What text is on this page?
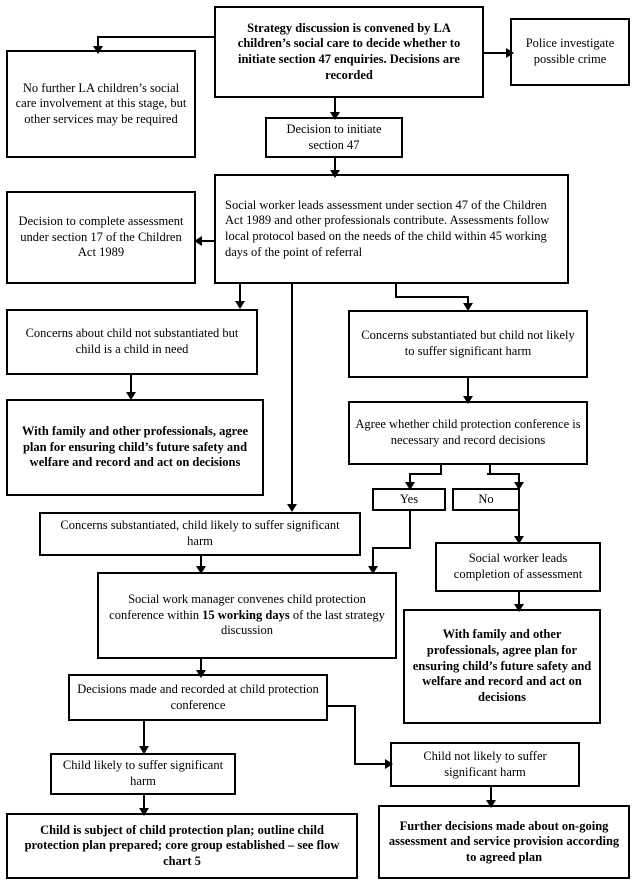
Strategy discussion is convened by LA children’s social care to decide whether to initiate section 47 enquiries. Decisions are recorded
Police investigate possible crime
No further LA children’s social care involvement at this stage, but other services may be required
Decision to initiate section 47
Decision to complete assessment under section 17 of the Children Act 1989
Social worker leads assessment under section 47 of the Children Act 1989 and other professionals contribute. Assessments follow local protocol based on the needs of the child within 45 working days of the point of referral
Concerns about child not substantiated but child is a child in need
Concerns substantiated but child not likely to suffer significant harm
With family and other professionals, agree plan for ensuring child’s future safety and welfare and record and act on decisions
Agree whether child protection conference is necessary and record decisions
Yes	No
Concerns substantiated, child likely to suffer significant harm
Social worker leads completion of assessment
Social work manager convenes child protection conference within 15 working days of the last strategy discussion	With family and other professionals, agree plan for ensuring child’s future safety and welfare and record and act on decisions
Decisions made and recorded at child protection conference
Child likely to suffer significant harm
Child not likely to suffer significant harm
Child is subject of child protection plan; outline child protection plan prepared; core group established – see flow chart 5
Further decisions made about on-going assessment and service provision according to agreed plan
